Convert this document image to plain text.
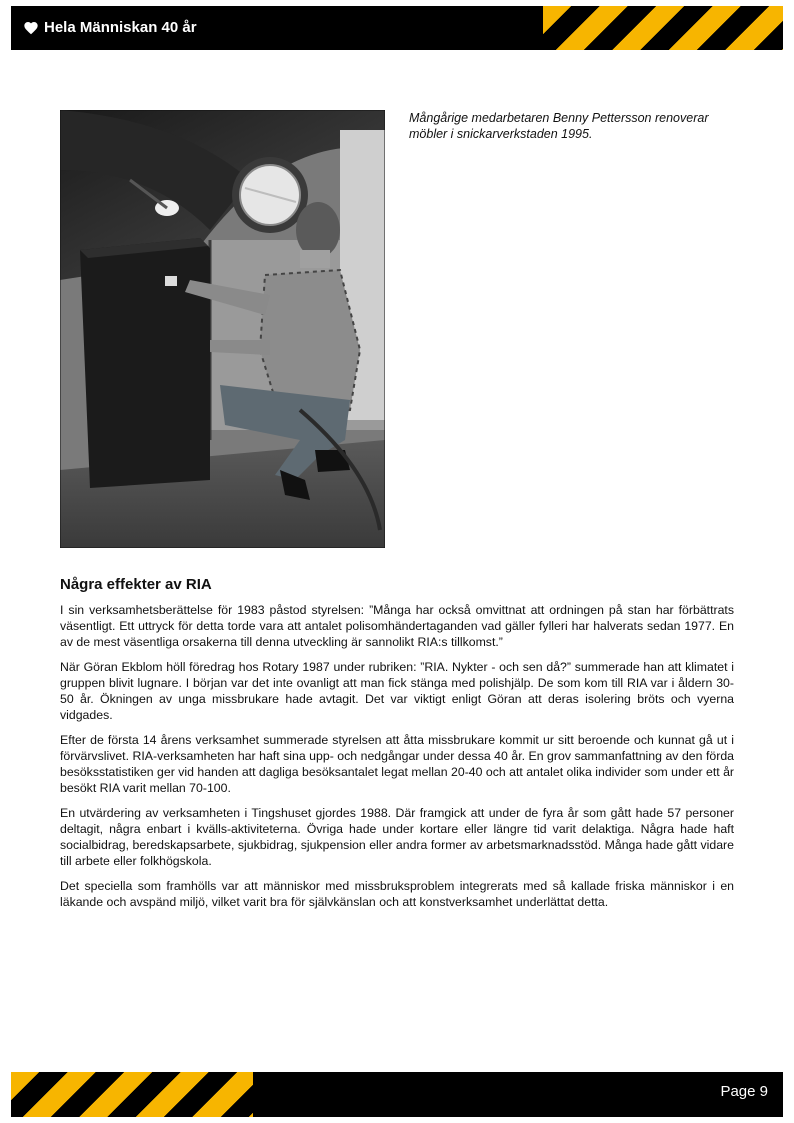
Hela Människan 40 år
Mångårige medarbetaren Benny Pettersson renoverar möbler i snickarverkstaden 1995.
Några effekter av RIA

I sin verksamhetsberättelse för 1983 påstod styrelsen: ”Många har också omvittnat att ordningen på stan har förbättrats väsentligt. Ett uttryck för detta torde vara att antalet polisomhändertaganden vad gäller fylleri har halverats sedan 1977. En av de mest väsentliga orsakerna till denna utveckling är sannolikt RIA:s tillkomst.”

När Göran Ekblom höll föredrag hos Rotary 1987 under rubriken: ”RIA. Nykter - och sen då?” summerade han att klimatet i gruppen blivit lugnare. I början var det inte ovanligt att man fick stänga med polishjälp. De som kom till RIA var i åldern 30-50 år. Ökningen av unga missbrukare hade avtagit. Det var viktigt enligt Göran att deras isolering bröts och vyerna vidgades.

Efter de första 14 årens verksamhet summerade styrelsen att åtta missbrukare kommit ur sitt beroende och kunnat gå ut i förvärvslivet. RIA-verksamheten har haft sina upp- och nedgångar under dessa 40 år. En grov sammanfattning av den förda besöksstatistiken ger vid handen att dagliga besöksantalet legat mellan 20-40 och att antalet olika individer som under ett år besökt RIA varit mellan 70-100.

En utvärdering av verksamheten i Tingshuset gjordes 1988. Där framgick att under de fyra år som gått hade 57 personer deltagit, några enbart i kvälls-aktiviteterna. Övriga hade under kortare eller längre tid varit delaktiga. Några hade haft socialbidrag, beredskapsarbete, sjukbidrag, sjukpension eller andra former av arbetsmarknadsstöd. Många hade gått vidare till arbete eller folkhögskola.

Det speciella som framhölls var att människor med missbruksproblem integrerats med så kallade friska människor i en läkande och avspänd miljö, vilket varit bra för självkänslan och att konstverksamhet underlättat detta.

Page 9
